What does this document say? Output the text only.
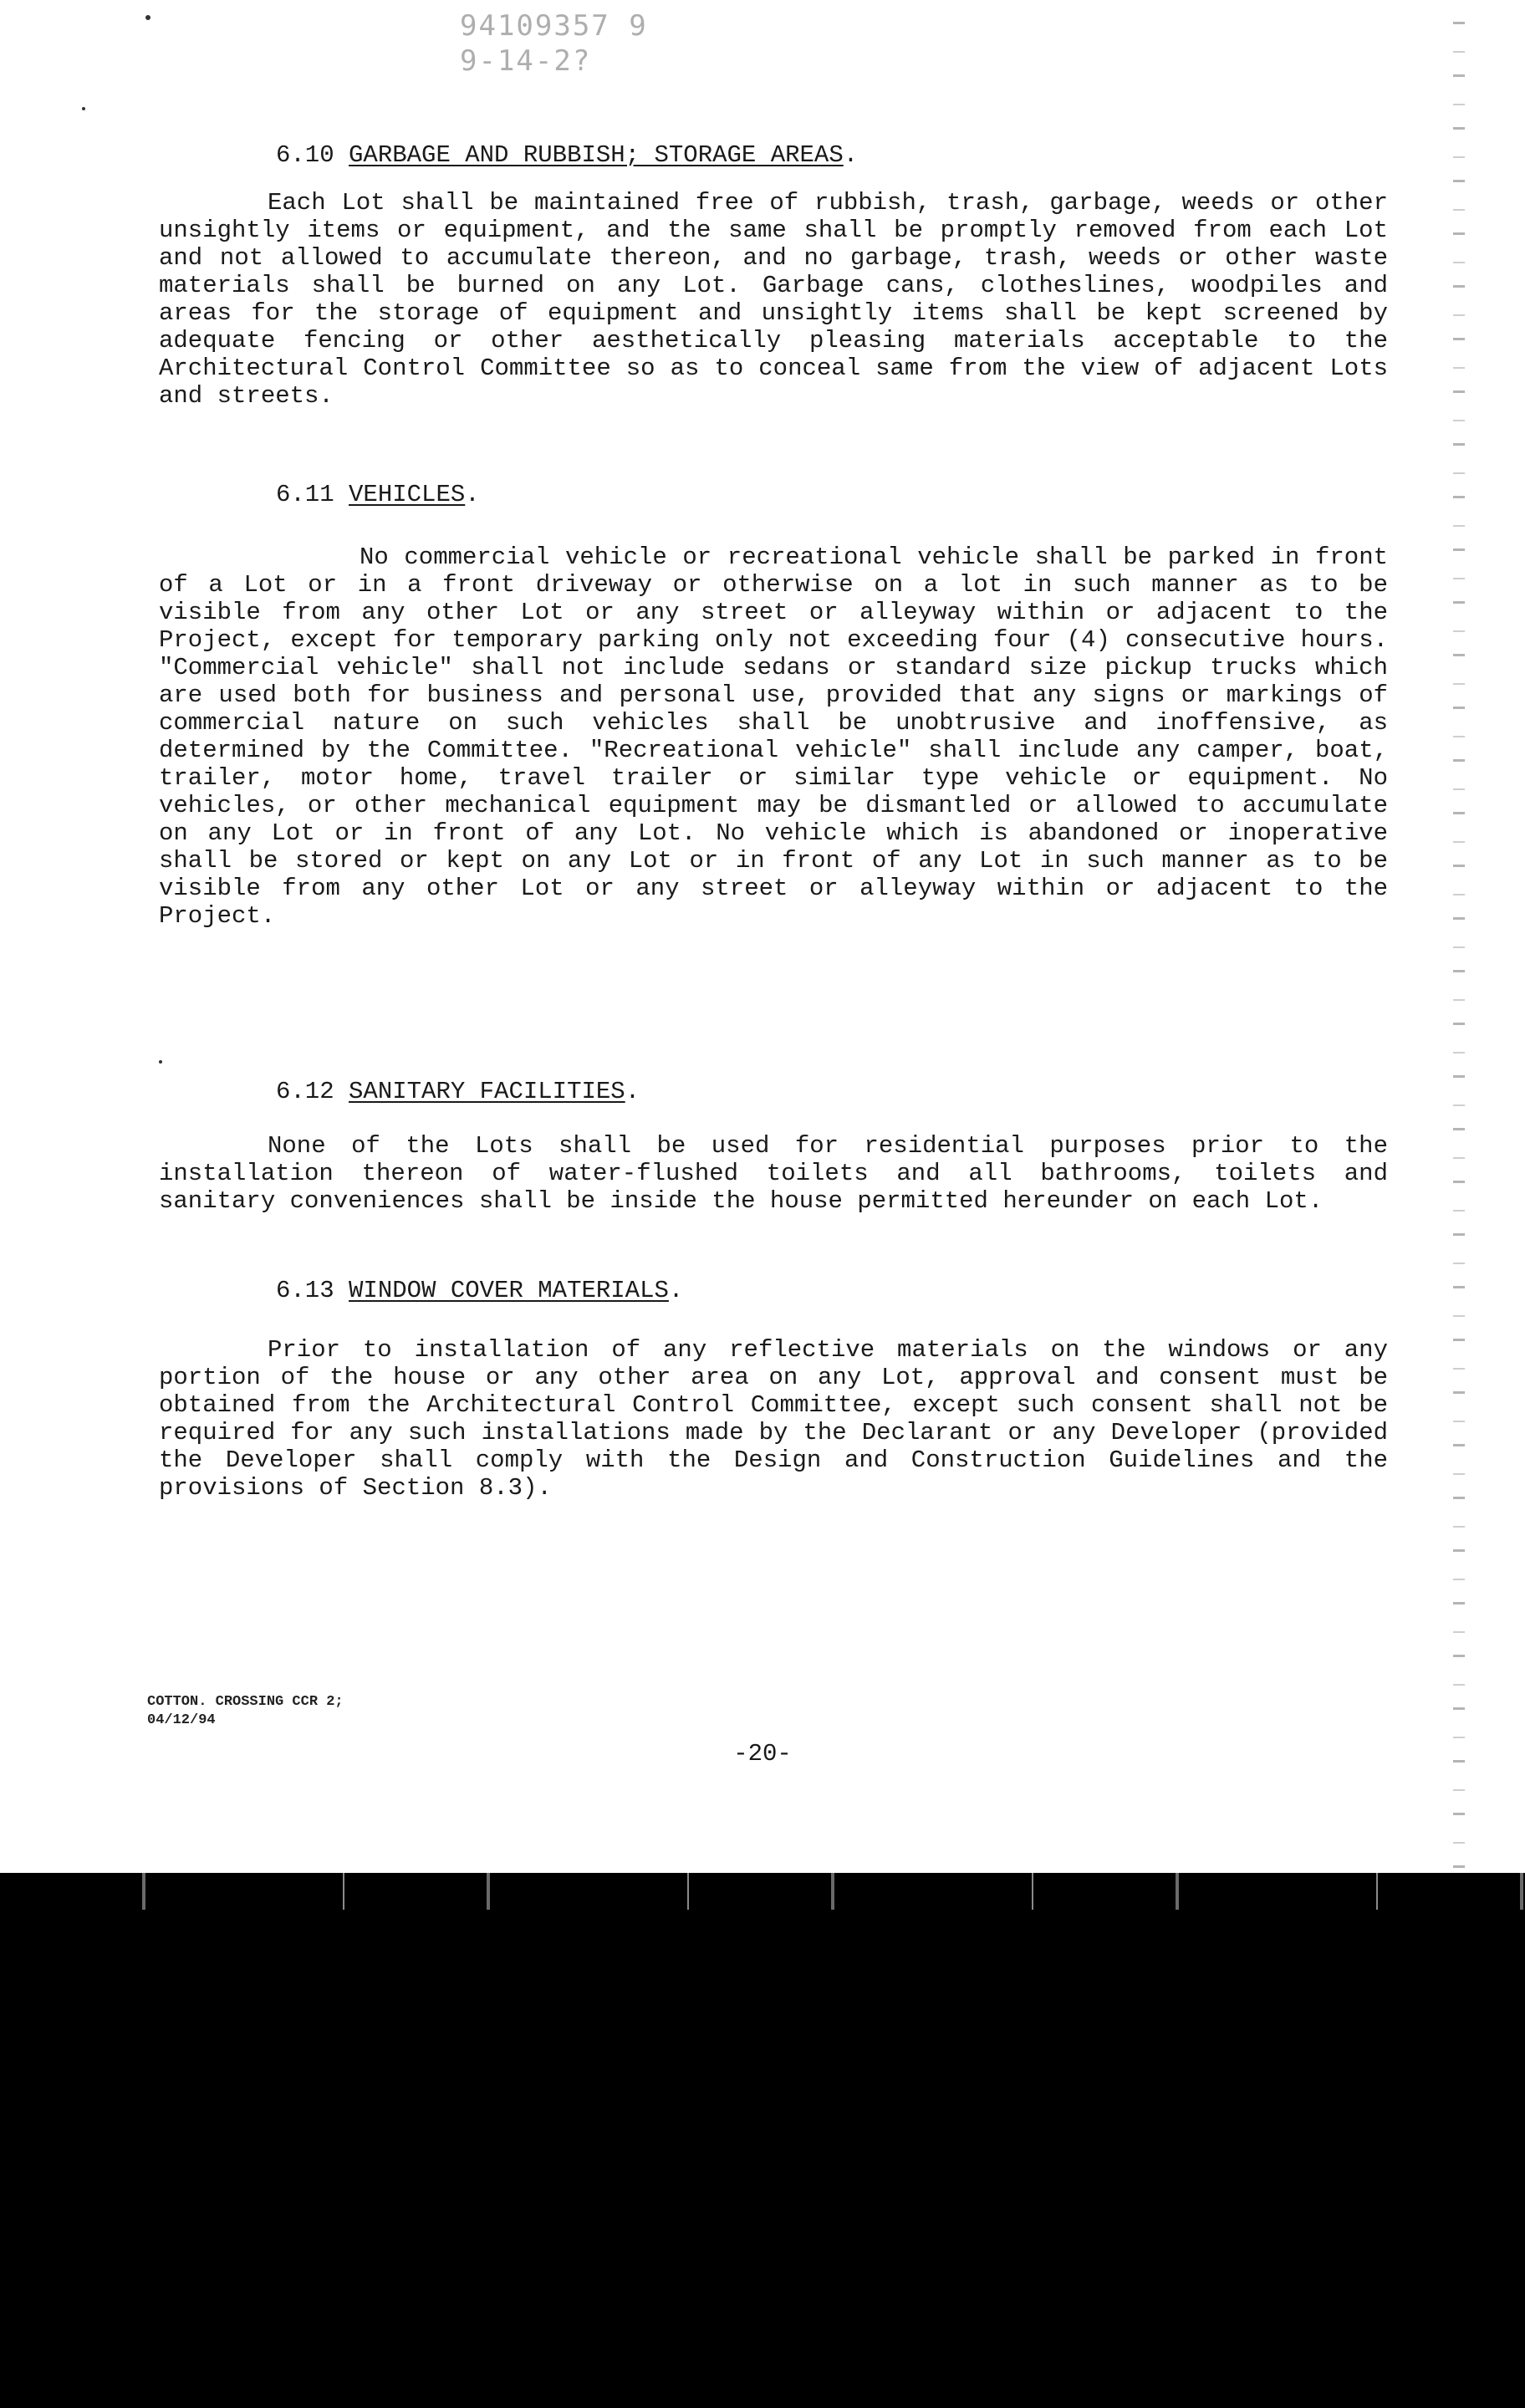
94109357 9
9-14-2?

6.10 GARBAGE AND RUBBISH; STORAGE AREAS.

Each Lot shall be maintained free of rubbish, trash, garbage, weeds or other unsightly items or equipment, and the same shall be promptly removed from each Lot and not allowed to accumulate thereon, and no garbage, trash, weeds or other waste materials shall be burned on any Lot. Garbage cans, clotheslines, woodpiles and areas for the storage of equipment and unsightly items shall be kept screened by adequate fencing or other aesthetically pleasing materials acceptable to the Architectural Control Committee so as to conceal same from the view of adjacent Lots and streets.

6.11 VEHICLES.

No commercial vehicle or recreational vehicle shall be parked in front of a Lot or in a front driveway or otherwise on a lot in such manner as to be visible from any other Lot or any street or alleyway within or adjacent to the Project, except for temporary parking only not exceeding four (4) consecutive hours. "Commercial vehicle" shall not include sedans or standard size pickup trucks which are used both for business and personal use, provided that any signs or markings of commercial nature on such vehicles shall be unobtrusive and inoffensive, as determined by the Committee. "Recreational vehicle" shall include any camper, boat, trailer, motor home, travel trailer or similar type vehicle or equipment. No vehicles, or other mechanical equipment may be dismantled or allowed to accumulate on any Lot or in front of any Lot. No vehicle which is abandoned or inoperative shall be stored or kept on any Lot or in front of any Lot in such manner as to be visible from any other Lot or any street or alleyway within or adjacent to the Project.

6.12 SANITARY FACILITIES.

None of the Lots shall be used for residential purposes prior to the installation thereon of water-flushed toilets and all bathrooms, toilets and sanitary conveniences shall be inside the house permitted hereunder on each Lot.

6.13 WINDOW COVER MATERIALS.

Prior to installation of any reflective materials on the windows or any portion of the house or any other area on any Lot, approval and consent must be obtained from the Architectural Control Committee, except such consent shall not be required for any such installations made by the Declarant or any Developer (provided the Developer shall comply with the Design and Construction Guidelines and the provisions of Section 8.3).

COTTON. CROSSING CCR 2;
04/12/94
-20-
